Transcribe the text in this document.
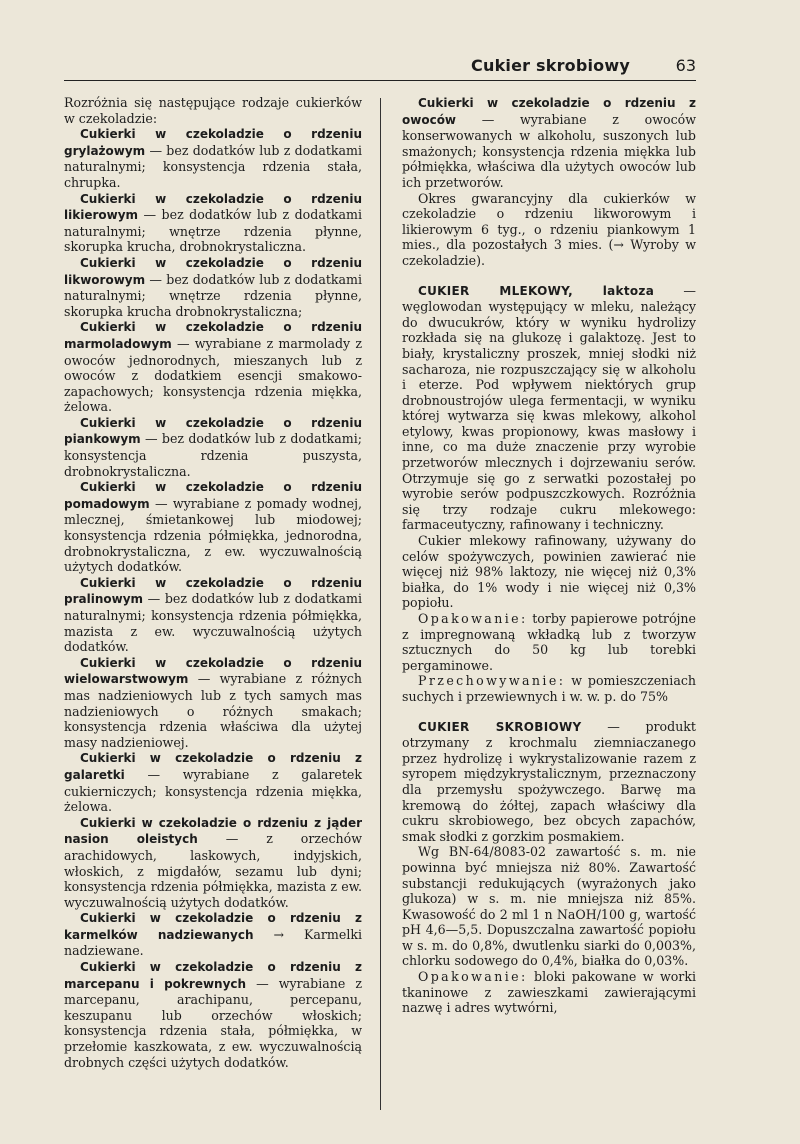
Cukier skrobiowy	63

Rozróżnia się następujące rodzaje cukierków w czekoladzie:

Cukierki w czekoladzie o rdzeniu grylażowym — bez dodatków lub z dodatkami naturalnymi; konsystencja rdzenia stała, chrupka.

Cukierki w czekoladzie o rdzeniu likierowym — bez dodatków lub z dodatkami naturalnymi; wnętrze rdzenia płynne, skorupka krucha, drobnokrystaliczna.

Cukierki w czekoladzie o rdzeniu likworowym — bez dodatków lub z dodatkami naturalnymi; wnętrze rdzenia płynne, skorupka krucha drobnokrystaliczna;

Cukierki w czekoladzie o rdzeniu marmoladowym — wyrabiane z marmolady z owoców jednorodnych, mieszanych lub z owoców z dodatkiem esencji smakowo-zapachowych; konsystencja rdzenia miękka, żelowa.

Cukierki w czekoladzie o rdzeniu piankowym — bez dodatków lub z dodatkami; konsystencja rdzenia puszysta, drobnokrystaliczna.

Cukierki w czekoladzie o rdzeniu pomadowym — wyrabiane z pomady wodnej, mlecznej, śmietankowej lub miodowej; konsystencja rdzenia półmiękka, jednorodna, drobnokrystaliczna, z ew. wyczuwalnością użytych dodatków.

Cukierki w czekoladzie o rdzeniu pralinowym — bez dodatków lub z dodatkami naturalnymi; konsystencja rdzenia półmiękka, mazista z ew. wyczuwalnością użytych dodatków.

Cukierki w czekoladzie o rdzeniu wielowarstwowym — wyrabiane z różnych mas nadzieniowych lub z tych samych mas nadzieniowych o różnych smakach; konsystencja rdzenia właściwa dla użytej masy nadzieniowej.

Cukierki w czekoladzie o rdzeniu z galaretki — wyrabiane z galaretek cukierniczych; konsystencja rdzenia miękka, żelowa.

Cukierki w czekoladzie o rdzeniu z jąder nasion oleistych — z orzechów arachidowych, laskowych, indyjskich, włoskich, z migdałów, sezamu lub dyni; konsystencja rdzenia półmiękka, mazista z ew. wyczuwalnością użytych dodatków.

Cukierki w czekoladzie o rdzeniu z karmelków nadziewanych → Karmelki nadziewane.

Cukierki w czekoladzie o rdzeniu z marcepanu i pokrewnych — wyrabiane z marcepanu, arachipanu, percepanu, keszupanu lub orzechów włoskich; konsystencja rdzenia stała, półmiękka, w przełomie kaszkowata, z ew. wyczuwalnością drobnych części użytych dodatków.

Cukierki w czekoladzie o rdzeniu z owoców — wyrabiane z owoców konserwowanych w alkoholu, suszonych lub smażonych; konsystencja rdzenia miękka lub półmiękka, właściwa dla użytych owoców lub ich przetworów.

Okres gwarancyjny dla cukierków w czekoladzie o rdzeniu likworowym i likierowym 6 tyg., o rdzeniu piankowym 1 mies., dla pozostałych 3 mies. (→ Wyroby w czekoladzie).

CUKIER MLEKOWY, laktoza — węglowodan występujący w mleku, należący do dwucukrów, który w wyniku hydrolizy rozkłada się na glukozę i galaktozę. Jest to biały, krystaliczny proszek, mniej słodki niż sacharoza, nie rozpuszczający się w alkoholu i eterze. Pod wpływem niektórych grup drobnoustrojów ulega fermentacji, w wyniku której wytwarza się kwas mlekowy, alkohol etylowy, kwas propionowy, kwas masłowy i inne, co ma duże znaczenie przy wyrobie przetworów mlecznych i dojrzewaniu serów. Otrzymuje się go z serwatki pozostałej po wyrobie serów podpuszczkowych. Rozróżnia się trzy rodzaje cukru mlekowego: farmaceutyczny, rafinowany i techniczny.

Cukier mlekowy rafinowany, używany do celów spożywczych, powinien zawierać nie więcej niż 98% laktozy, nie więcej niż 0,3% białka, do 1% wody i nie więcej niż 0,3% popiołu.

Opakowanie: torby papierowe potrójne z impregnowaną wkładką lub z tworzyw sztucznych do 50 kg lub torebki pergaminowe.

Przechowywanie: w pomieszczeniach suchych i przewiewnych i w. w. p. do 75%

CUKIER SKROBIOWY — produkt otrzymany z krochmalu ziemniaczanego przez hydrolizę i wykrystalizowanie razem z syropem międzykrystalicznym, przeznaczony dla przemysłu spożywczego. Barwę ma kremową do żółtej, zapach właściwy dla cukru skrobiowego, bez obcych zapachów, smak słodki z gorzkim posmakiem.

Wg BN-64/8083-02 zawartość s. m. nie powinna być mniejsza niż 80%. Zawartość substancji redukujących (wyrażonych jako glukoza) w s. m. nie mniejsza niż 85%. Kwasowość do 2 ml 1 n NaOH/100 g, wartość pH 4,6—5,5. Dopuszczalna zawartość popiołu w s. m. do 0,8%, dwutlenku siarki do 0,003%, chlorku sodowego do 0,4%, białka do 0,03%.

Opakowanie: bloki pakowane w worki tkaninowe z zawieszkami zawierającymi nazwę i adres wytwórni,
